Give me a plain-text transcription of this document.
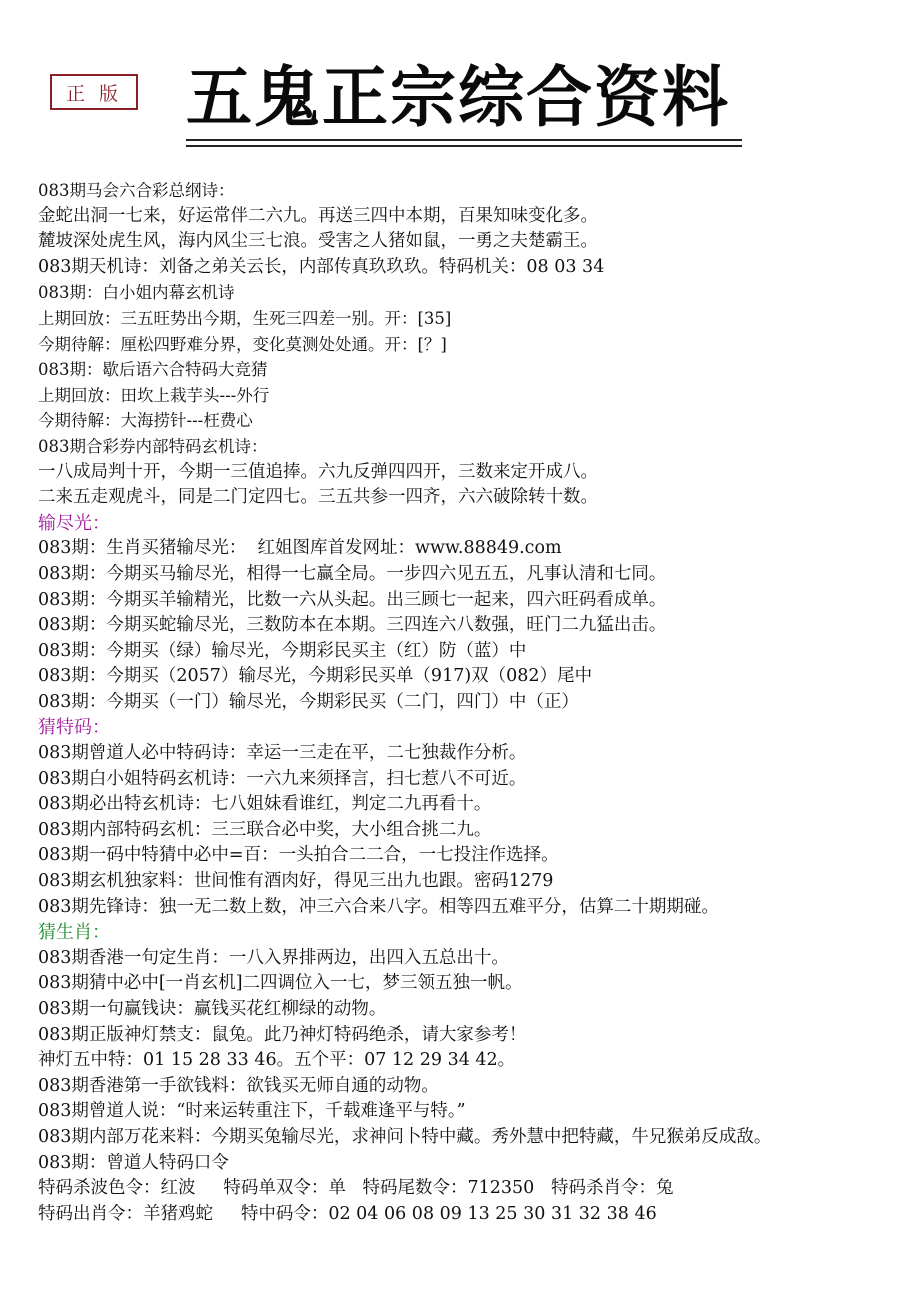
正 版 五鬼正宗综合资料
083期马会六合彩总纲诗：
金蛇出洞一七来，好运常伴二六九。再送三四中本期，百果知味变化多。
麓坡深处虎生风，海内风尘三七浪。受害之人猪如鼠，一勇之夫楚霸王。
083期天机诗：刘备之弟关云长，内部传真玖玖玖。特码机关：08 03 34
083期：白小姐内幕玄机诗
上期回放：三五旺势出今期，生死三四差一别。开：[35]
今期待解：厘松四野难分界，变化莫测处处通。开：[？]
083期：歇后语六合特码大竞猜
上期回放：田坎上栽芋头---外行
今期待解：大海捞针---枉费心
083期合彩券内部特码玄机诗：
一八成局判十开，今期一三值追捧。六九反弹四四开，三数来定开成八。
二来五走观虎斗，同是二门定四七。三五共参一四齐，六六破除转十数。
输尽光：
083期：生肖买猪输尽光：  红姐图库首发网址：www.88849.com
083期：今期买马输尽光，相得一七赢全局。一步四六见五五，凡事认清和七同。
083期：今期买羊输精光，比数一六从头起。出三顾七一起来，四六旺码看成单。
083期：今期买蛇输尽光，三数防本在本期。三四连六八数强，旺门二九猛出击。
083期：今期买（绿）输尽光，今期彩民买主（红）防（蓝）中
083期：今期买（2057）输尽光，今期彩民买单（917)双（082）尾中
083期：今期买（一门）输尽光，今期彩民买（二门，四门）中（正）
猜特码：
083期曾道人必中特码诗：幸运一三走在平，二七独裁作分析。
083期白小姐特码玄机诗：一六九来须择言，扫七惹八不可近。
083期必出特玄机诗：七八姐妹看谁红，判定二九再看十。
083期内部特码玄机：三三联合必中奖，大小组合挑二九。
083期一码中特猜中必中=百：一头拍合二二合，一七投注作选择。
083期玄机独家料：世间惟有酒肉好，得见三出九也跟。密码1279
083期先锋诗：独一无二数上数，冲三六合来八字。相等四五难平分，估算二十期期碰。
猜生肖：
083期香港一句定生肖：一八入界排两边，出四入五总出十。
083期猜中必中[一肖玄机]二四调位入一七，梦三领五独一帆。
083期一句赢钱诀：赢钱买花红柳绿的动物。
083期正版神灯禁支：鼠兔。此乃神灯特码绝杀，请大家参考！
神灯五中特：01 15 28 33 46。五个平：07 12 29 34 42。
083期香港第一手欲钱料：欲钱买无师自通的动物。
083期曾道人说：“时来运转重注下，千载难逢平与特。”
083期内部万花来料：今期买兔输尽光，求神问卜特中藏。秀外慧中把特藏，牛兄猴弟反成敌。
083期：曾道人特码口令
特码杀波色令：红波     特码单双令：单   特码尾数令：712350   特码杀肖令：兔
特码出肖令：羊猪鸡蛇     特中码令：02 04 06 08 09 13 25 30 31 32 38 46
